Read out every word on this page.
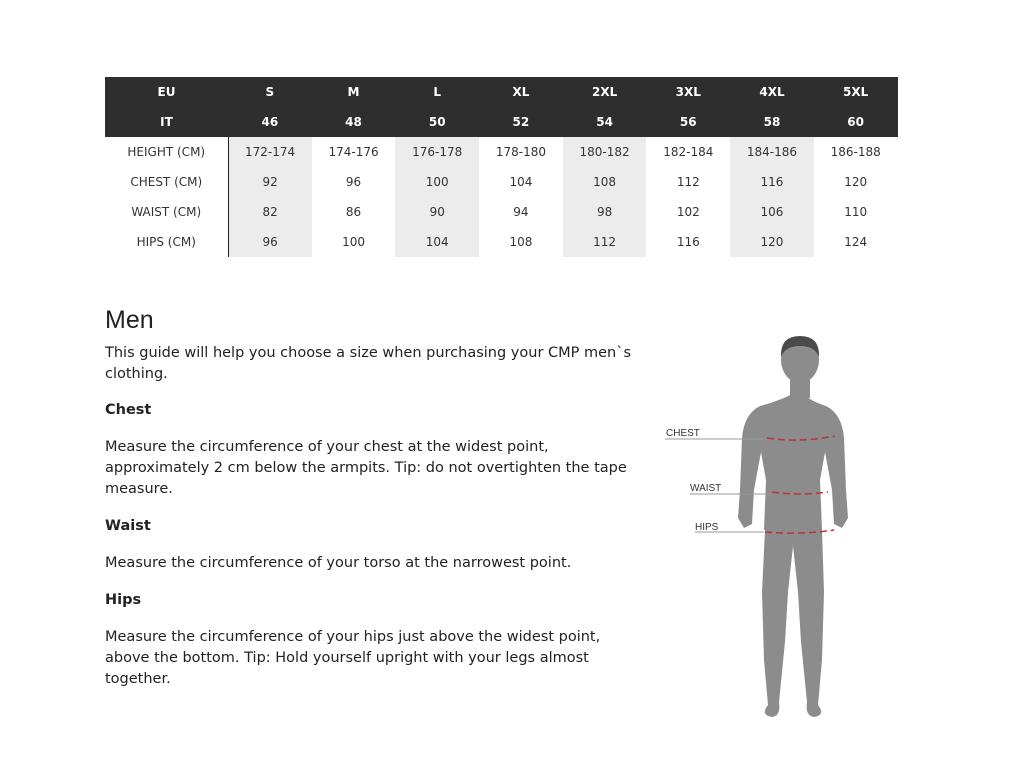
EU	S	M	L	XL	2XL	3XL	4XL	5XL
IT	46	48	50	52	54	56	58	60
HEIGHT (CM)	172-174	174-176	176-178	178-180	180-182	182-184	184-186	186-188
CHEST (CM)	92	96	100	104	108	112	116	120
WAIST (CM)	82	86	90	94	98	102	106	110
HIPS (CM)	96	100	104	108	112	116	120	124
Men

This guide will help you choose a size when purchasing your CMP men`s clothing.

Chest

Measure the circumference of your chest at the widest point, approximately 2 cm below the armpits. Tip: do not overtighten the tape measure.

Waist

Measure the circumference of your torso at the narrowest point.

Hips

Measure the circumference of your hips just above the widest point, above the bottom. Tip: Hold yourself upright with your legs almost together.

CHEST
WAIST
HIPS
